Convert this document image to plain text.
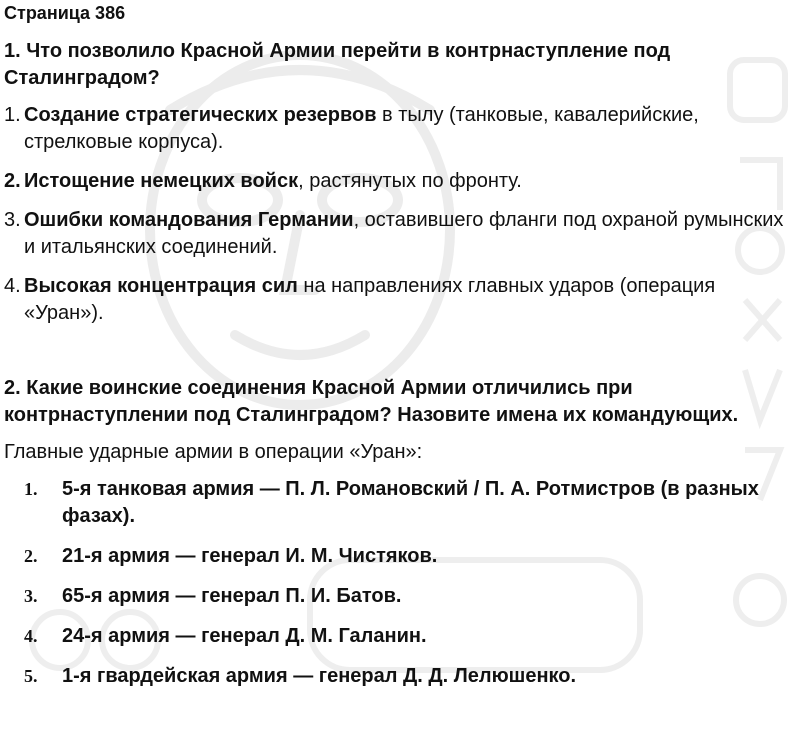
Страница 386
1. Что позволило Красной Армии перейти в контрнаступление под Сталинградом?
1. Создание стратегических резервов в тылу (танковые, кавалерийские, стрелковые корпуса).
2. Истощение немецких войск, растянутых по фронту.
3. Ошибки командования Германии, оставившего фланги под охраной румынских и итальянских соединений.
4. Высокая концентрация сил на направлениях главных ударов (операция «Уран»).
2. Какие воинские соединения Красной Армии отличились при контрнаступлении под Сталинградом? Назовите имена их командующих.

Главные ударные армии в операции «Уран»:

1.	5-я танковая армия — П. Л. Романовский / П. А. Ротмистров (в разных фазах).
2.	21-я армия — генерал И. М. Чистяков.
3.	65-я армия — генерал П. И. Батов.
4.	24-я армия — генерал Д. М. Галанин.
5.	1-я гвардейская армия — генерал Д. Д. Лелюшенко.
